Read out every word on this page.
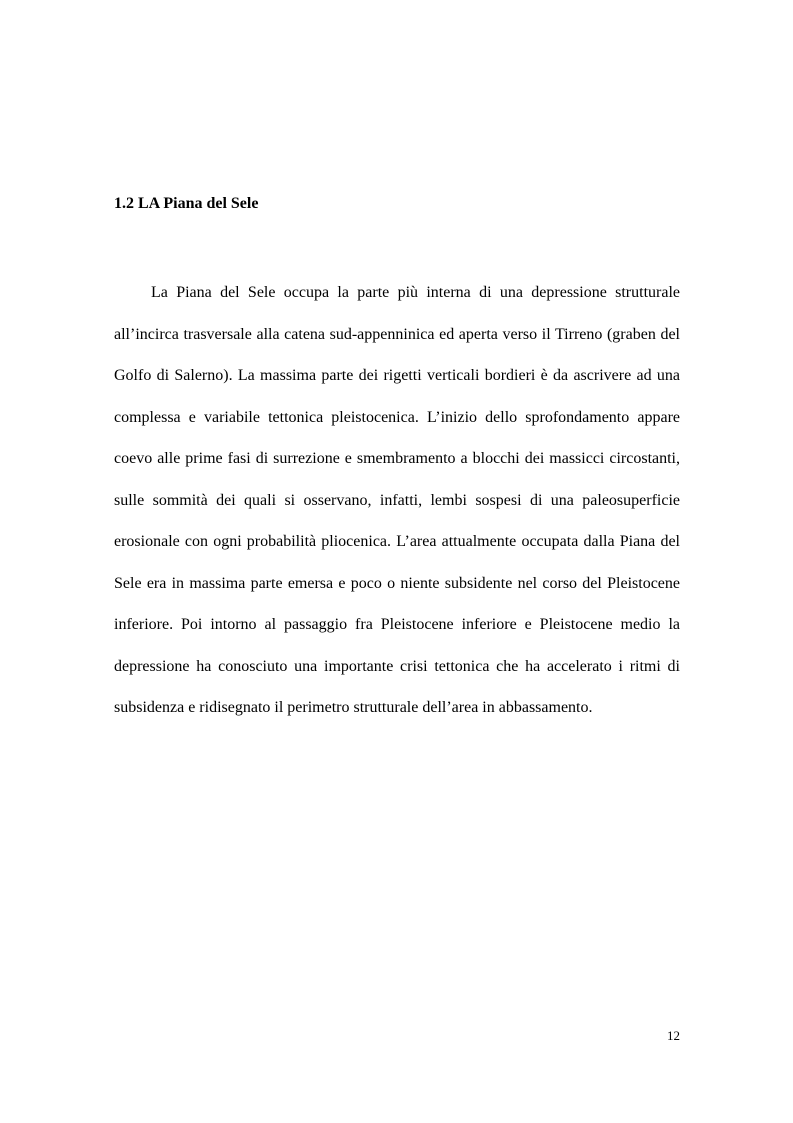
1.2 LA Piana del Sele

La Piana del Sele occupa la parte più interna di una depressione strutturale all’incirca trasversale alla catena sud-appenninica ed aperta verso il Tirreno (graben del Golfo di Salerno). La massima parte dei rigetti verticali bordieri è da ascrivere ad una complessa e variabile tettonica pleistocenica. L’inizio dello sprofondamento appare coevo alle prime fasi di surrezione e smembramento a blocchi dei massicci circostanti, sulle sommità dei quali si osservano, infatti, lembi sospesi di una paleosuperficie erosionale con ogni probabilità pliocenica. L’area attualmente occupata dalla Piana del Sele era in massima parte emersa e poco o niente subsidente nel corso del Pleistocene inferiore. Poi intorno al passaggio fra Pleistocene inferiore e Pleistocene medio la depressione ha conosciuto una importante crisi tettonica che ha accelerato i ritmi di subsidenza e ridisegnato il perimetro strutturale dell’area in abbassamento.

12
